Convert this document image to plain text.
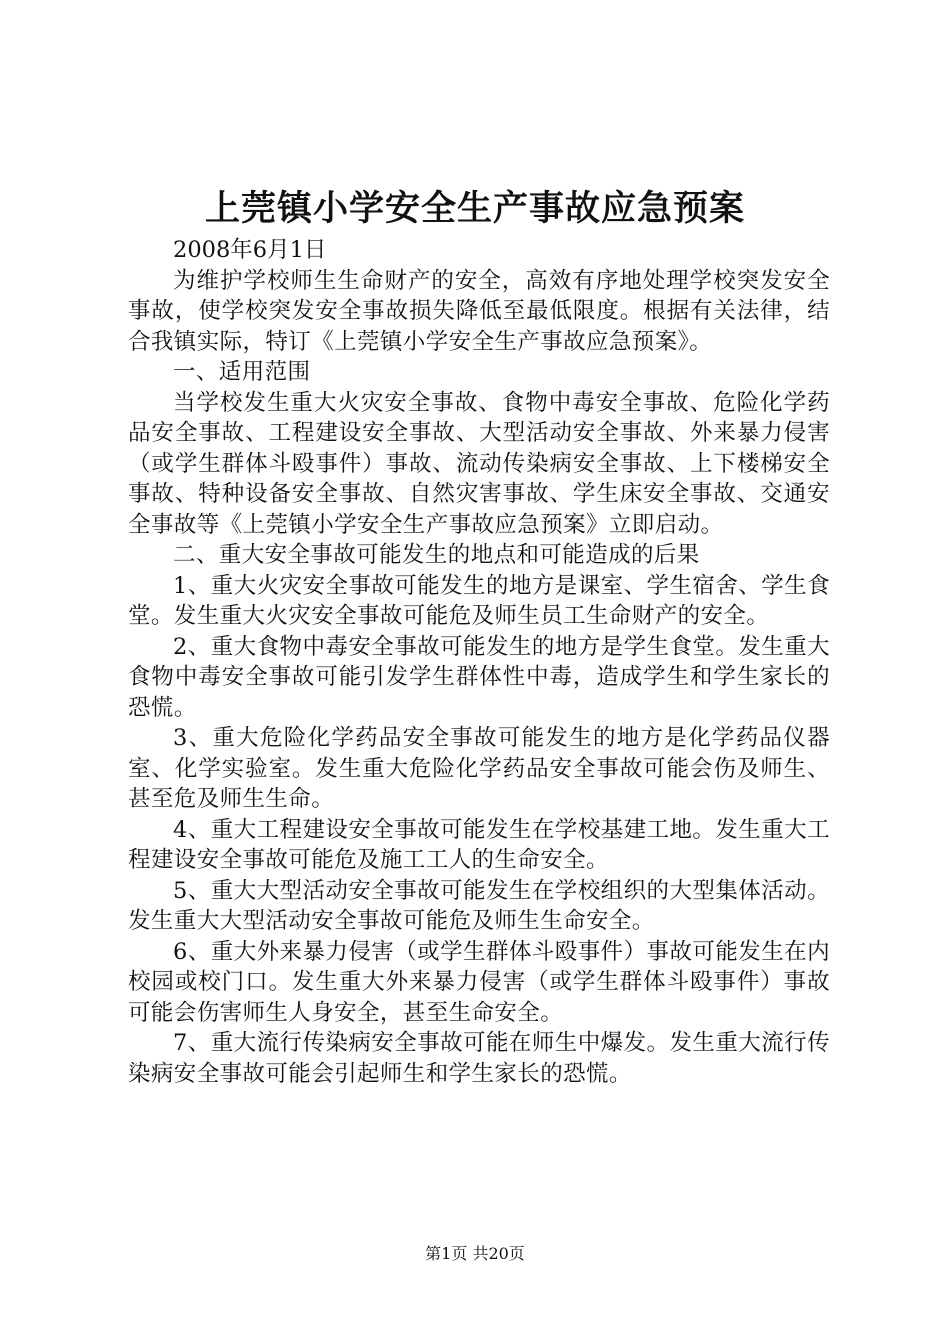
上莞镇小学安全生产事故应急预案

2008年6月1日

为维护学校师生生命财产的安全，高效有序地处理学校突发安全事故，使学校突发安全事故损失降低至最低限度。根据有关法律，结合我镇实际，特订《上莞镇小学安全生产事故应急预案》。

一、适用范围

当学校发生重大火灾安全事故、食物中毒安全事故、危险化学药品安全事故、工程建设安全事故、大型活动安全事故、外来暴力侵害（或学生群体斗殴事件）事故、流动传染病安全事故、上下楼梯安全事故、特种设备安全事故、自然灾害事故、学生床安全事故、交通安全事故等《上莞镇小学安全生产事故应急预案》立即启动。

二、重大安全事故可能发生的地点和可能造成的后果

1、重大火灾安全事故可能发生的地方是课室、学生宿舍、学生食堂。发生重大火灾安全事故可能危及师生员工生命财产的安全。

2、重大食物中毒安全事故可能发生的地方是学生食堂。发生重大食物中毒安全事故可能引发学生群体性中毒，造成学生和学生家长的恐慌。

3、重大危险化学药品安全事故可能发生的地方是化学药品仪器室、化学实验室。发生重大危险化学药品安全事故可能会伤及师生、甚至危及师生生命。

4、重大工程建设安全事故可能发生在学校基建工地。发生重大工程建设安全事故可能危及施工工人的生命安全。

5、重大大型活动安全事故可能发生在学校组织的大型集体活动。发生重大大型活动安全事故可能危及师生生命安全。

6、重大外来暴力侵害（或学生群体斗殴事件）事故可能发生在内校园或校门口。发生重大外来暴力侵害（或学生群体斗殴事件）事故可能会伤害师生人身安全，甚至生命安全。

7、重大流行传染病安全事故可能在师生中爆发。发生重大流行传染病安全事故可能会引起师生和学生家长的恐慌。

第1页 共20页
